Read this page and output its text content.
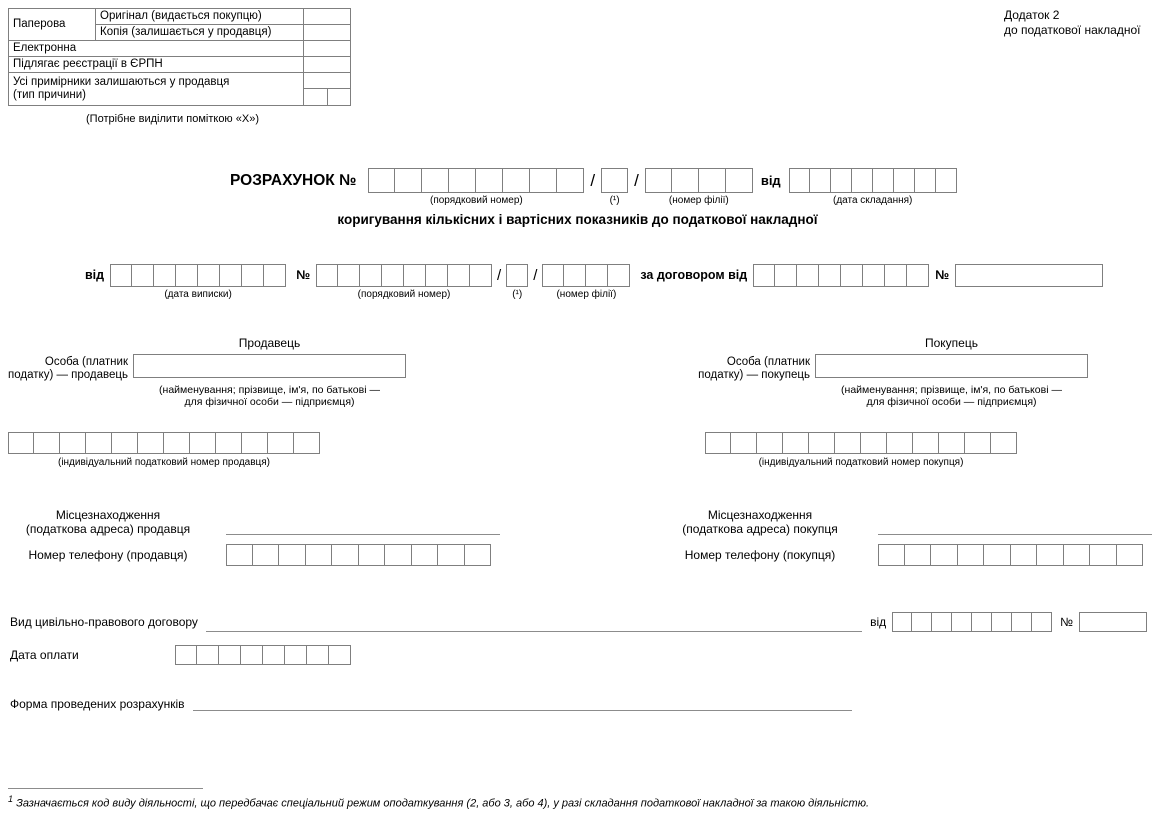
Паперова	Оригінал (видається покупцю)	
	Копія (залишається у продавця)	
Електронна		
Підлягає реєстрації в ЄРПН		

Усі примірники залишаються у продавця
(тип причини)		

(Потрібне виділити поміткою «Х»)
Додаток 2
до податкової накладної
РОЗРАХУНОК №
(порядковий номер)
/
(¹)
/
(номер філії)
від
(дата складання)
коригування кількісних і вартісних показників до податкової накладної
від
(дата виписки)
№
(порядковий номер)
/
(¹)
/
(номер філії)
за договором від	№
Продавець
Особа (платник податку) — продавець
(найменування; прізвище, ім'я, по батькові —
для фізичної особи — підприємця)
Покупець
Особа (платник податку) — покупець
(найменування; прізвище, ім'я, по батькові —
для фізичної особи — підприємця)
(індивідуальний податковий номер продавця)	(індивідуальний податковий номер покупця)
Місцезнаходження
(податкова адреса) продавця
Номер телефону (продавця)
Місцезнаходження
(податкова адреса) покупця
Номер телефону (покупця)
Вид цивільно-правового договору	від	№
Дата оплати
Форма проведених розрахунків
$^1$ Зазначається код виду діяльності, що передбачає спеціальний режим оподаткування (2, або 3, або 4), у разі складання податкової накладної за такою діяльністю.
